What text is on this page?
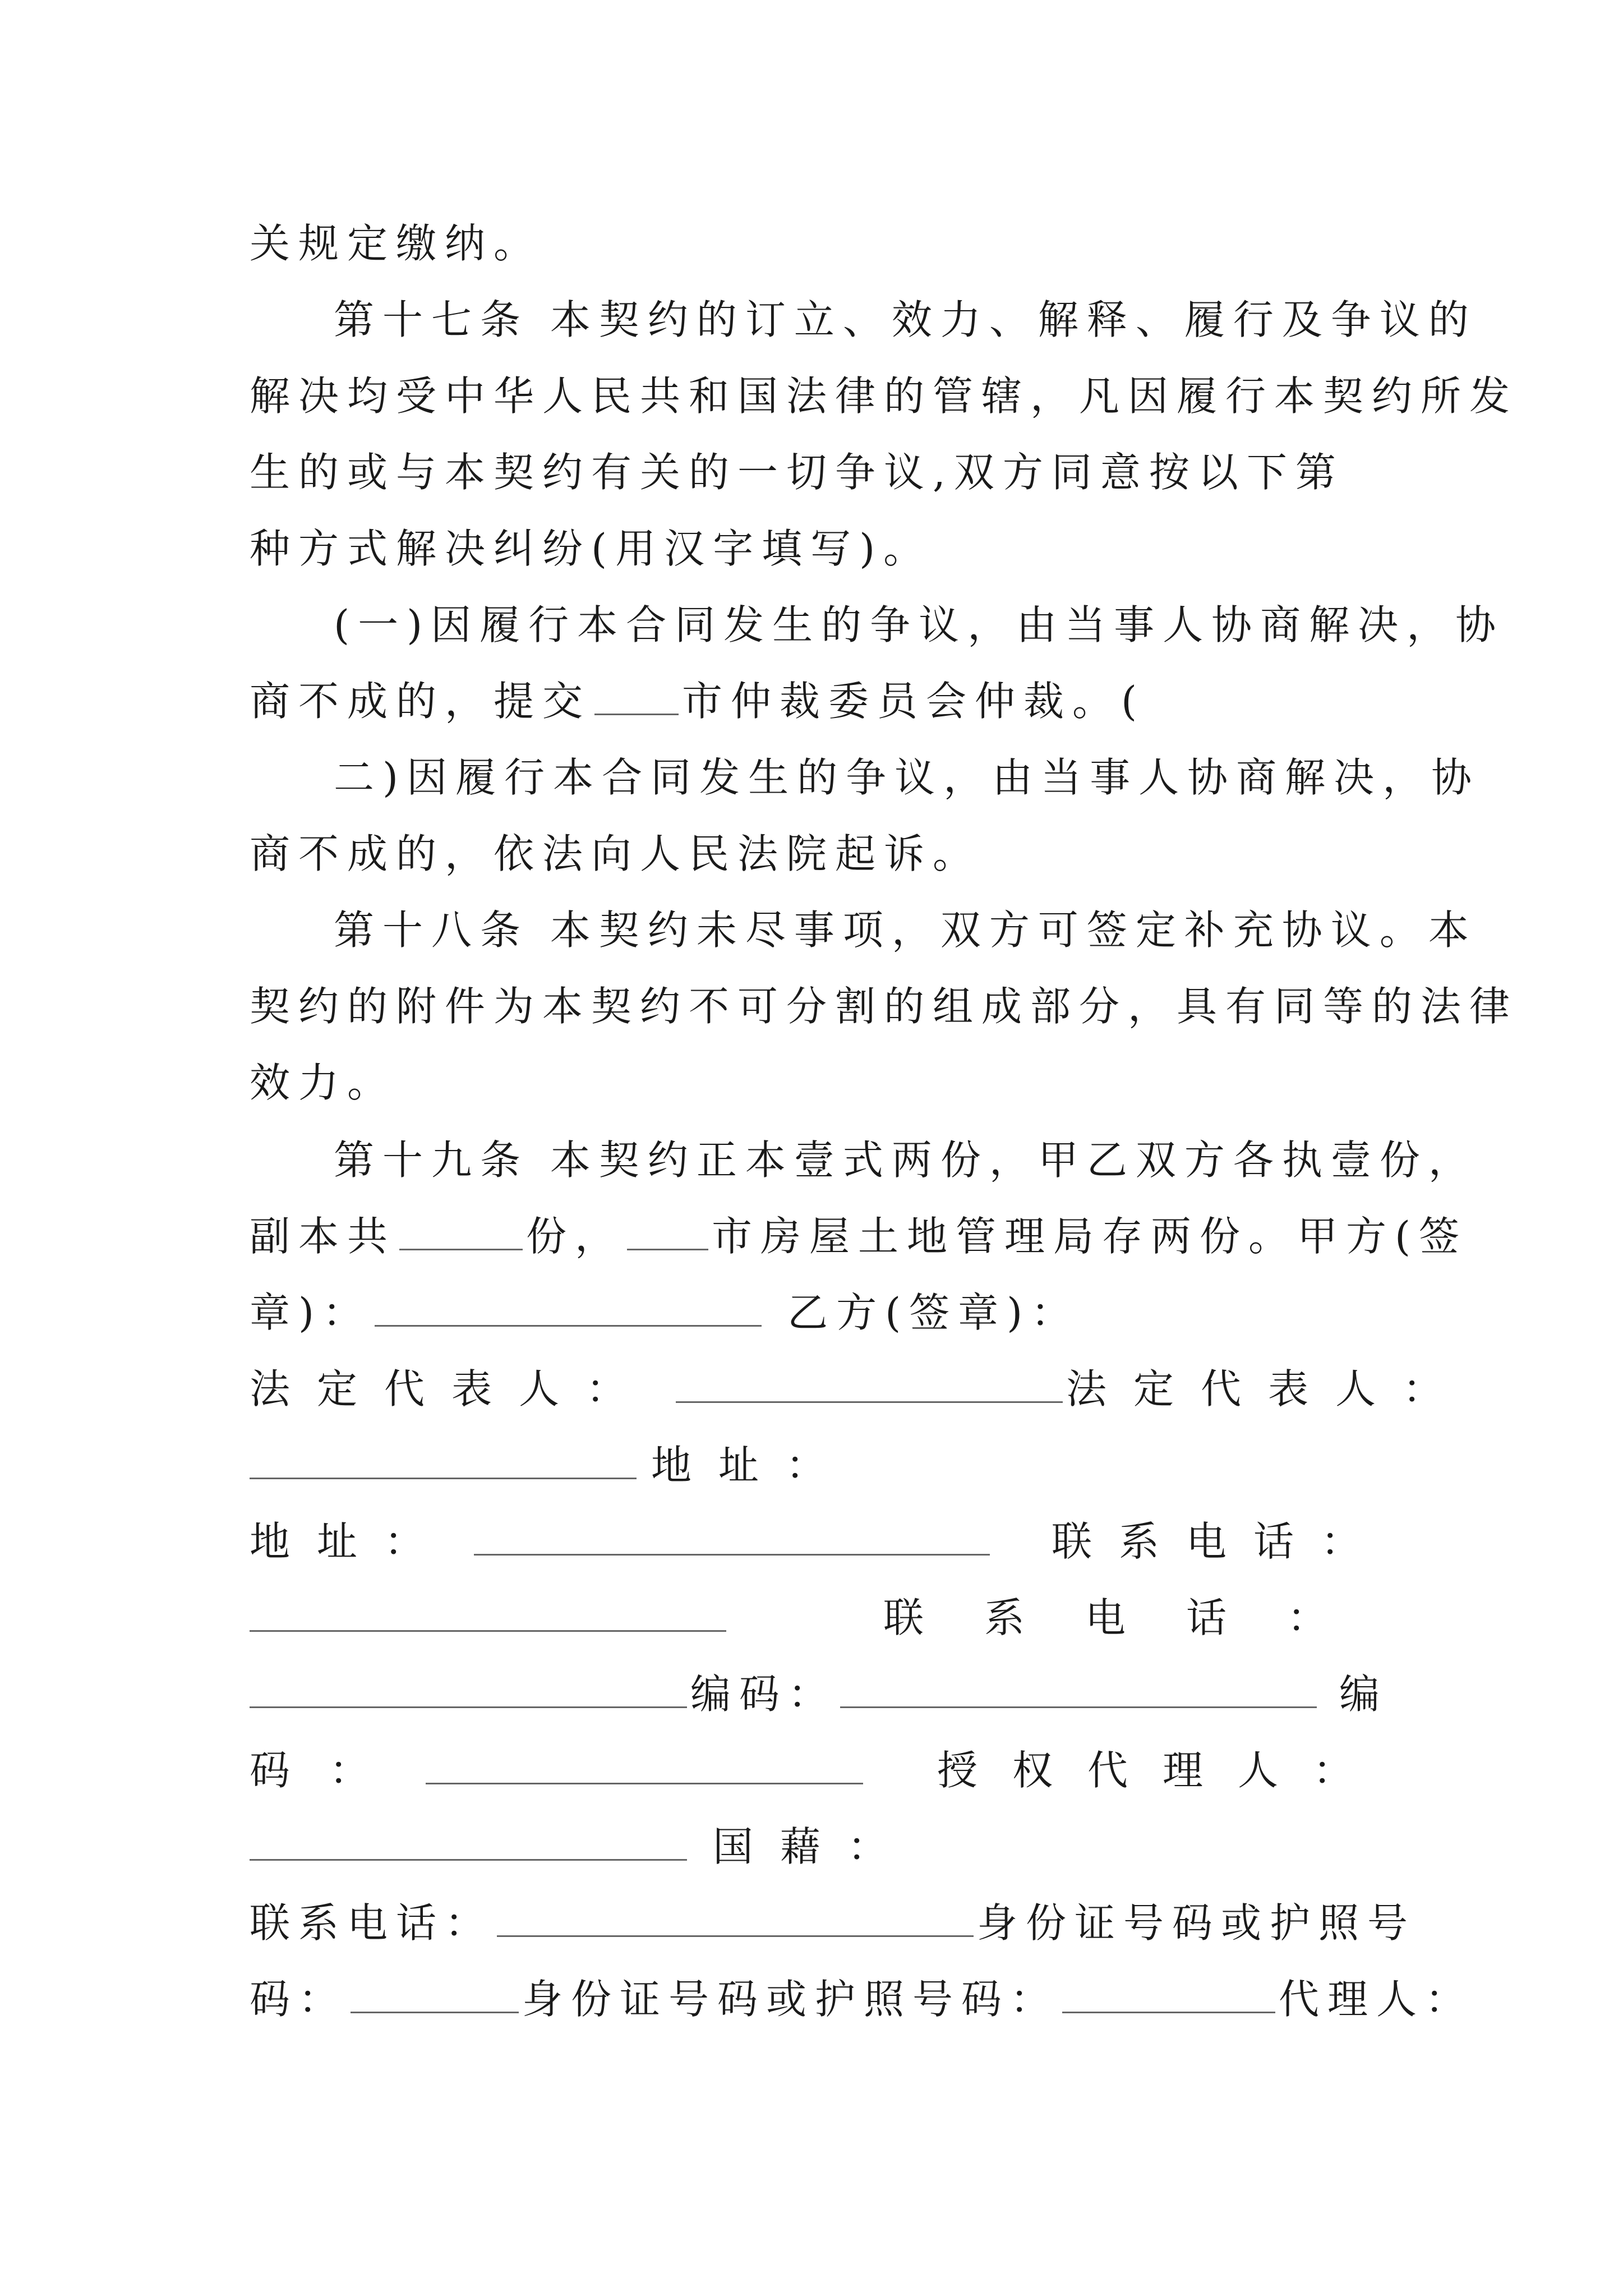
关规定缴纳。
第十七条 本契约的订立、效力、解释、履行及争议的
解决均受中华人民共和国法律的管辖，凡因履行本契约所发
生的或与本契约有关的一切争议,双方同意按以下第
种方式解决纠纷(用汉字填写)。
(一)因履行本合同发生的争议，由当事人协商解决，协
商不成的，提交 市仲裁委员会仲裁。(
二)因履行本合同发生的争议，由当事人协商解决，协
商不成的，依法向人民法院起诉。
第十八条 本契约未尽事项，双方可签定补充协议。本
契约的附件为本契约不可分割的组成部分，具有同等的法律
效力。
第十九条 本契约正本壹式两份，甲乙双方各执壹份，
副本共	份， 市房屋土地管理局存两份。甲方(签
章)：	乙方(签章)：
法定代表人：	法定代表人：
地址：
地址：	联系电话：
联系电话：
编码：	编
码：	授权代理人：
国藉：
联系电话：	身份证号码或护照号
码：	身份证号码或护照号码：	代理人：
